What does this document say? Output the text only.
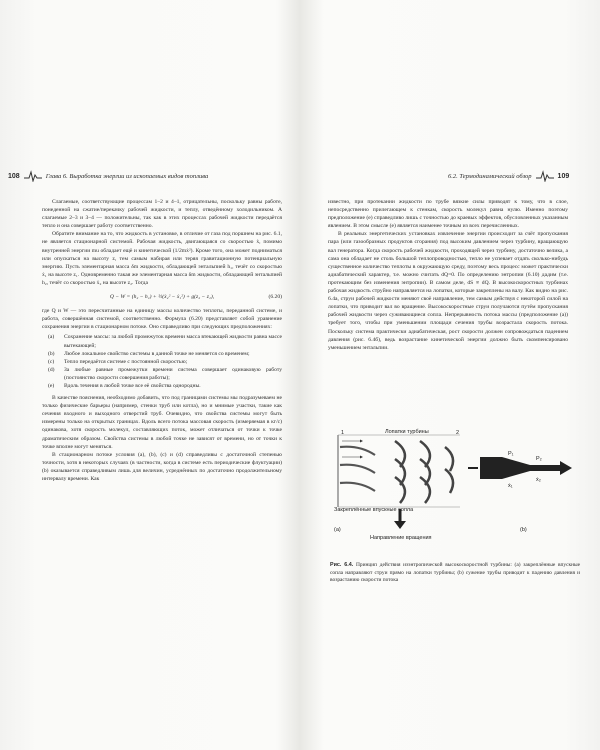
108	Глава 6. Выработка энергии из ископаемых видов топлива	6.2. Термодинамический обзор	109

Слагаемые, соответствующие процессам 1–2 и 4–1, отрицательны, поскольку равны работе, понеденной на сжатие/перекачку рабочей жидкости, и теплу, отведённому холодильником. А слагаемые 2–3 и 3–4 — положительны, так как в этих процессах рабочей жидкости передаётся тепло и она совершает работу соответственно.

Обратите внимание на то, что жидкость в установке, в отличие от газа под поршнем на рис. 6.1, не является стационарной системой. Рабочая жидкость, двигающаяся со скоростью ẋ, помимо внутренней энергии mu обладает ещё и кинетической (1/2mẋ²). Кроме того, она может подниматься или опускаться на высоту z, тем самым набирая или теряя гравитационную потенциальную энергию. Пусть элементарная масса δm жидкости, обладающей энтальпией h₁, течёт со скоростью ẋ₁ на высоте z₁. Одновременно такая же элементарная масса δm жидкости, обладающей энтальпией h₂, течёт со скоростью ẋ₂ на высоте z₂. Тогда

Q − W = (h₂ − h₁) + ½(ẋ₂² − ẋ₁²) + g(z₂ − z₁),	(6.20)

где Q и W — это пересчитанные на единицу массы количество теплоты, переданной системе, и работа, совершённая системой, соответственно. Формула (6.20) представляет собой уравнение сохранения энергии в стационарном потоке. Оно справедливо при следующих предположениях:

(a) Сохранение массы: за любой промежуток времени масса втекающей жидкости равна массе вытекающей;
(b) Любое локальное свойство системы в данной точке не меняется со временем;
(c) Тепло передаётся системе с постоянной скоростью;
(d) За любые равные промежутки времени система совершает одинаковую работу (постоянство скорости совершения работы);
(e) Вдоль течения в любой точке все её свойства однородны.

В качестве пояснения, необходимо добавить, что под границами системы мы подразумеваем не только физические барьеры (например, стенки труб или котла), но и мнимые участки, такие как сечения входного и выходного отверстий труб. Очевидно, что свойства системы могут быть измерены только на открытых границах. Вдоль всего потока массовая скорость (измеряемая в кг/с) одинакова, хотя скорость молекул, составляющих поток, может отличаться от точки к точке драматическим образом. Свойства системы в любой точке не зависят от времени, но от точки к точке вполне могут меняться.

В стационарном потоке условия (a), (b), (c) и (d) справедливы с достаточной степенью точности, хотя в некоторых случаях (в частности, когда в системе есть периодические флуктуации) (b) оказывается справедливым лишь для величин, усреднённых по достаточно продолжительному интервалу времени. Как

известно, при протекании жидкости по трубе вязкие силы приводят к тому, что в слое, непосредственно прилегающем к стенкам, скорость молекул равна нулю. Именно поэтому предположение (e) справедливо лишь с точностью до краевых эффектов, обусловленных указанным явлением. В этом смысле (e) является наименее точным из всех перечисленных.

В реальных энергетических установках извлечение энергии происходит за счёт пропускания пара (или газообразных продуктов сгорания) под высоким давлением через турбину, вращающую вал генератора. Когда скорость рабочей жидкости, проходящей через турбину, достаточно велика, а сама она обладает не столь большой теплопроводностью, тепло не успевает отдать сколько-нибудь существенное количество теплоты в окружающую среду, поэтому весь процесс может практически адиабатический характер, т.е. можно считать dQ=0. По определению энтропии (6.10) дадим (т.е. протекающим без изменения энтропии). В самом деле, dS ∝ dQ. В высокоскоростных турбинах рабочая жидкость струйно направляется на лопатки, которые закреплены на валу. Как видно на рис. 6.4a, струи рабочей жидкости меняют своё направление, тем самым действуя с некоторой силой на лопатки, что приводит вал во вращение. Высокоскоростные струи получаются путём пропускания рабочей жидкости через суживающиеся сопла. Непрерывность потока массы (предположение (a)) требует того, чтобы при уменьшении площади сечения трубы возрастала скорость потока. Поскольку система практически адиабатическая, рост скорости должен сопровождаться падением давления (рис. 6.4б), ведь возрастание кинетической энергии должно быть скомпенсировано уменьшением энтальпии.

1	2
Лопатки турбины
Закреплённые впускные сопла
Направление вращения
(a)
P₁
ẋ₁
P₂
ẋ₂
(b)
Рис. 6.4. Принцип действия изэнтропической высокоскоростной турбины: (a) закреплённые впускные сопла направляют струи прямо на лопатки турбины; (b) сужение трубы приводит к падению давления и возрастанию скорости потока
